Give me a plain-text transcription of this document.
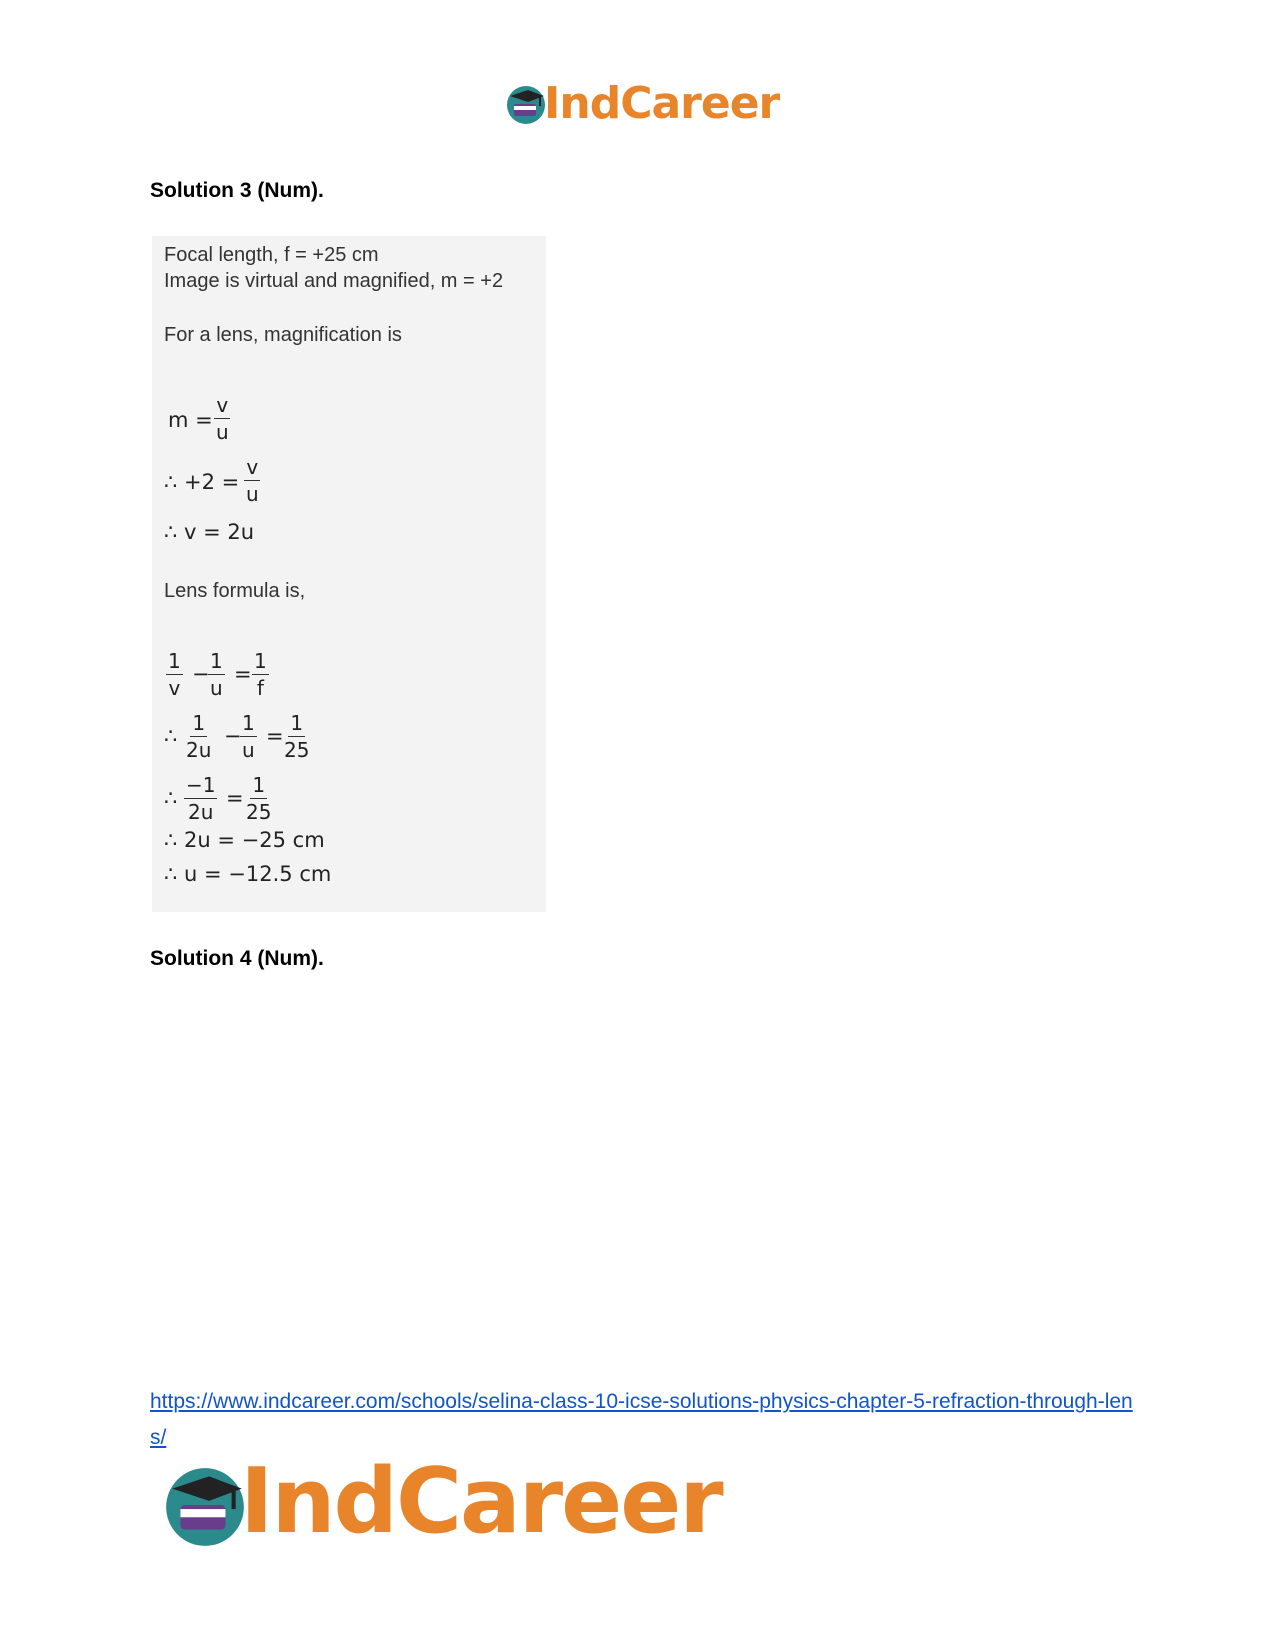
IndCareer
Solution 3 (Num).
Focal length, f = +25 cm
Image is virtual and magnified, m = +2
For a lens, magnification is
$m = \frac{v}{u}$
∴ $+2 = \frac{v}{u}$
∴ v = 2u
Lens formula is,
$\frac{1}{v}$ −
$\frac{1}{u} = \frac{1}{f}$
∴ $\frac{1}{2u}$ −
$\frac{1}{u}$ =
$\frac{1}{25}$
∴ $\frac{-1}{2u} = \frac{1}{25}$
∴ 2u = −25 cm
∴ u = −12.5 cm
Solution 4 (Num).
https://www.indcareer.com/schools/selina-class-10-icse-solutions-physics-chapter-5-refraction-through-lens/
IndCareer
